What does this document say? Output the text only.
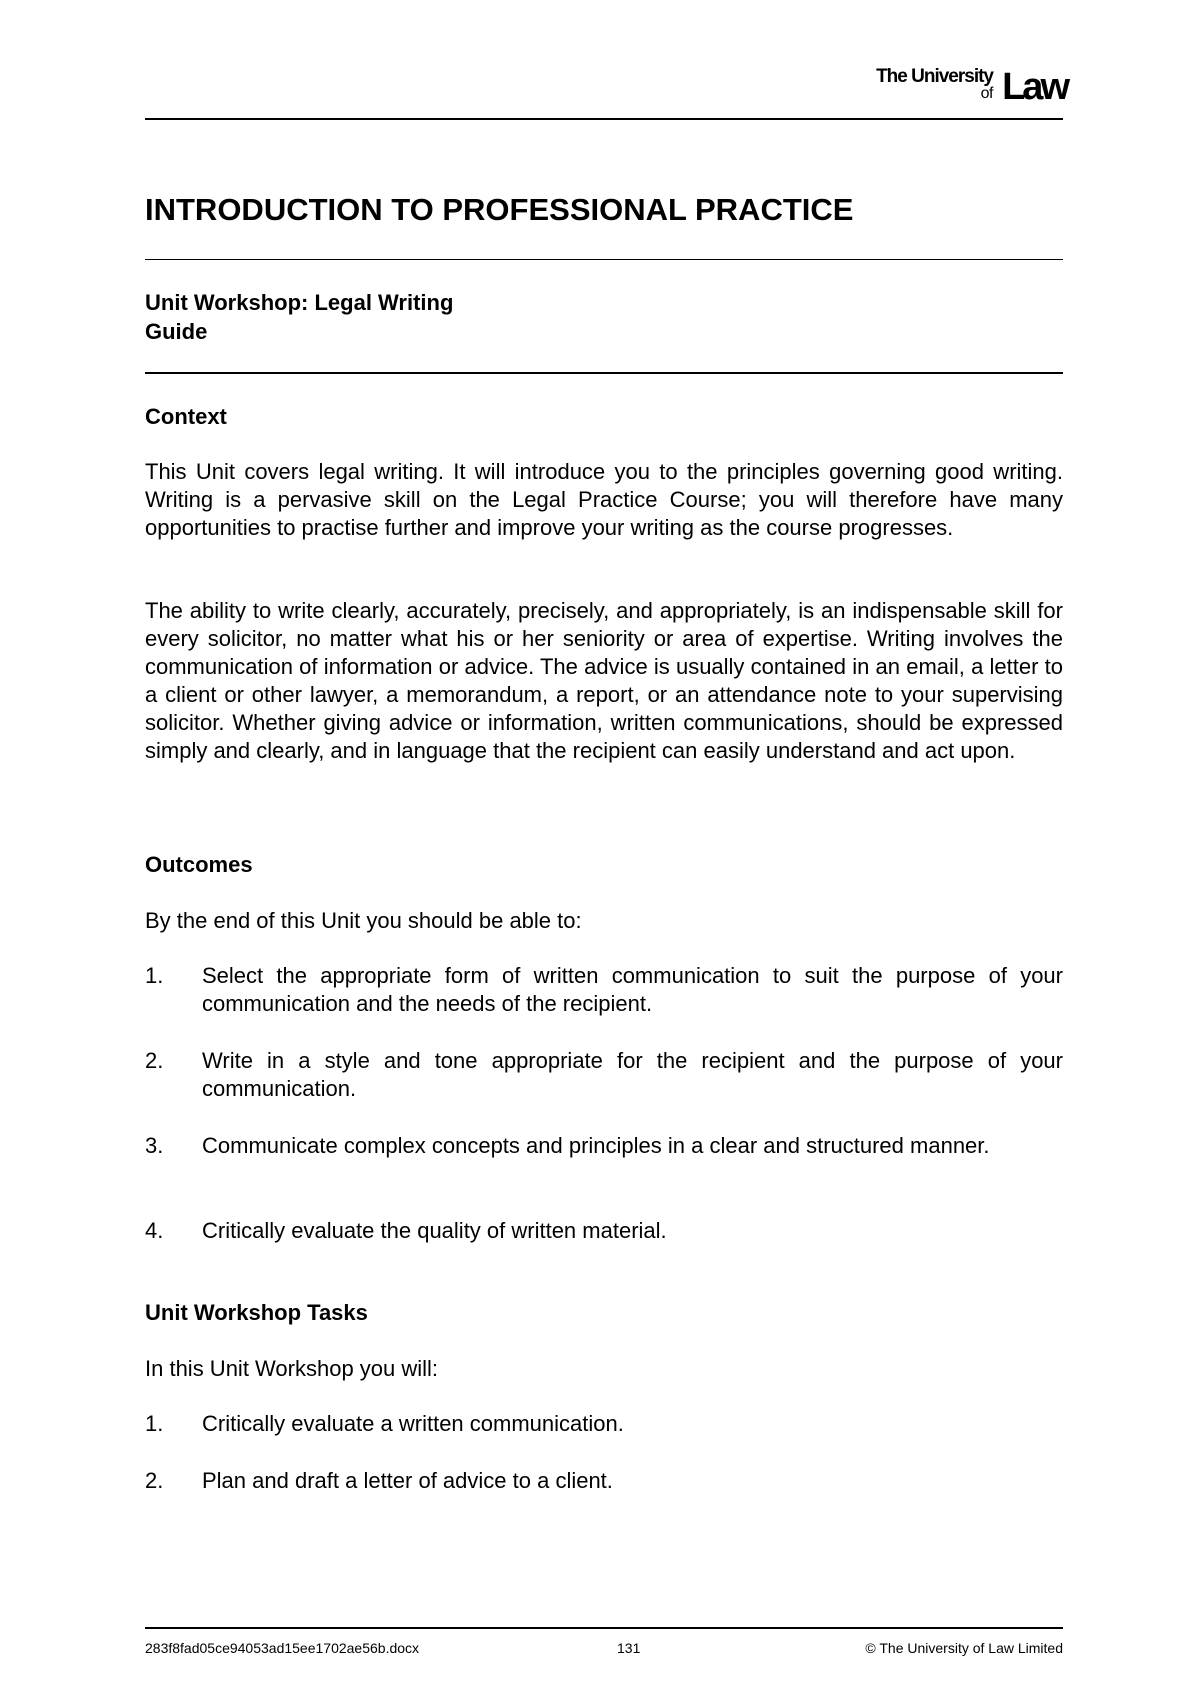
The University
of Law
INTRODUCTION TO PROFESSIONAL PRACTICE
Unit Workshop: Legal Writing
Guide
Context

This Unit covers legal writing. It will introduce you to the principles governing good writing. Writing is a pervasive skill on the Legal Practice Course; you will therefore have many opportunities to practise further and improve your writing as the course progresses.

The ability to write clearly, accurately, precisely, and appropriately, is an indispensable skill for every solicitor, no matter what his or her seniority or area of expertise. Writing involves the communication of information or advice. The advice is usually contained in an email, a letter to a client or other lawyer, a memorandum, a report, or an attendance note to your supervising solicitor. Whether giving advice or information, written communications, should be expressed simply and clearly, and in language that the recipient can easily understand and act upon.

Outcomes

By the end of this Unit you should be able to:

1. Select the appropriate form of written communication to suit the purpose of your communication and the needs of the recipient.
2. Write in a style and tone appropriate for the recipient and the purpose of your communication.
3. Communicate complex concepts and principles in a clear and structured manner.
4. Critically evaluate the quality of written material.
Unit Workshop Tasks

In this Unit Workshop you will:

1. Critically evaluate a written communication.
2. Plan and draft a letter of advice to a client.
283f8fad05ce94053ad15ee1702ae56b.docx	131	© The University of Law Limited
